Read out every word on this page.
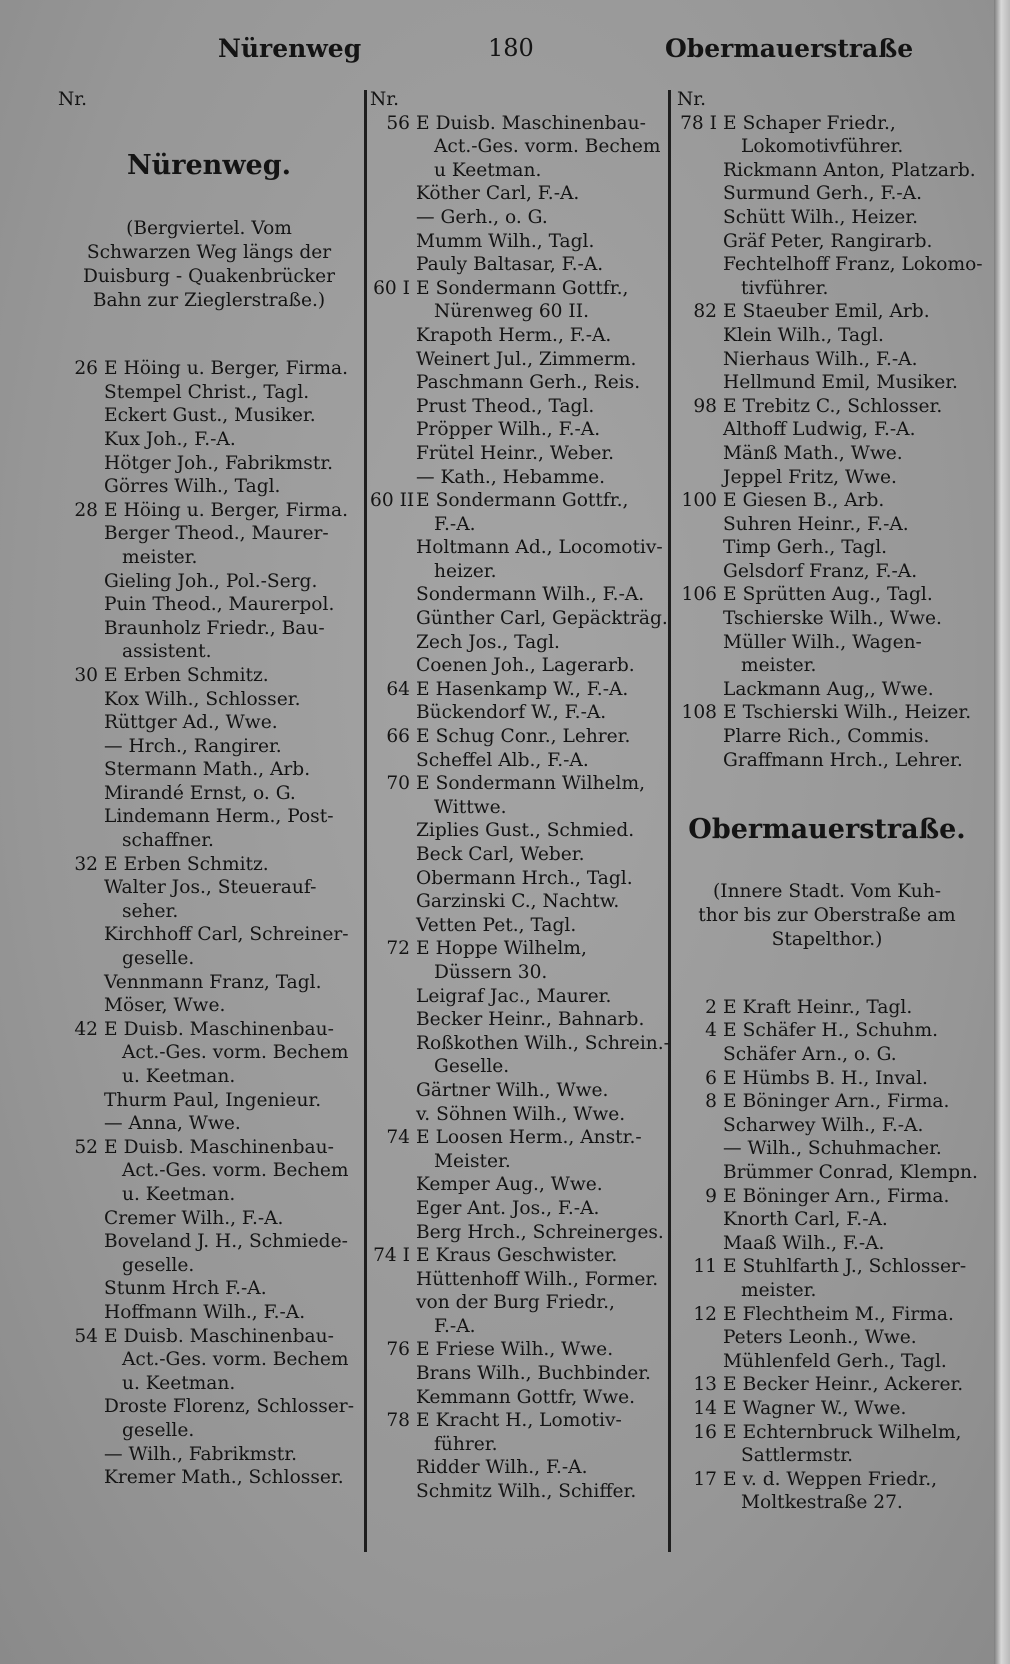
Nürenweg	180	Obermauerstraße
Nr.
Nürenweg.
(Bergviertel. Vom
Schwarzen Weg längs der
Duisburg - Quakenbrücker
Bahn zur Zieglerstraße.)
26 E Höing u. Berger, Firma.
Stempel Christ., Tagl.
Eckert Gust., Musiker.
Kux Joh., F.-A.
Hötger Joh., Fabrikmstr.
Görres Wilh., Tagl.
28 E Höing u. Berger, Firma.
Berger Theod., Maurer-
meister.
Gieling Joh., Pol.-Serg.
Puin Theod., Maurerpol.
Braunholz Friedr., Bau-
assistent.
30 E Erben Schmitz.
Kox Wilh., Schlosser.
Rüttger Ad., Wwe.
— Hrch., Rangirer.
Stermann Math., Arb.
Mirandé Ernst, o. G.
Lindemann Herm., Post-
schaffner.
32 E Erben Schmitz.
Walter Jos., Steuerauf-
seher.
Kirchhoff Carl, Schreiner-
geselle.
Vennmann Franz, Tagl.
Möser, Wwe.
42 E Duisb. Maschinenbau-
Act.-Ges. vorm. Bechem
u. Keetman.
Thurm Paul, Ingenieur.
— Anna, Wwe.
52 E Duisb. Maschinenbau-
Act.-Ges. vorm. Bechem
u. Keetman.
Cremer Wilh., F.-A.
Boveland J. H., Schmiede-
geselle.
Stunm Hrch F.-A.
Hoffmann Wilh., F.-A.
54 E Duisb. Maschinenbau-
Act.-Ges. vorm. Bechem
u. Keetman.
Droste Florenz, Schlosser-
geselle.
— Wilh., Fabrikmstr.
Kremer Math., Schlosser.
Nr.
56 E Duisb. Maschinenbau-
Act.-Ges. vorm. Bechem
u Keetman.
Köther Carl, F.-A.
— Gerh., o. G.
Mumm Wilh., Tagl.
Pauly Baltasar, F.-A.
60 I E Sondermann Gottfr.,
Nürenweg 60 II.
Krapoth Herm., F.-A.
Weinert Jul., Zimmerm.
Paschmann Gerh., Reis.
Prust Theod., Tagl.
Pröpper Wilh., F.-A.
Frütel Heinr., Weber.
— Kath., Hebamme.
60 II E Sondermann Gottfr.,
F.-A.
Holtmann Ad., Locomotiv-
heizer.
Sondermann Wilh., F.-A.
Günther Carl, Gepäckträg.
Zech Jos., Tagl.
Coenen Joh., Lagerarb.
64 E Hasenkamp W., F.-A.
Bückendorf W., F.-A.
66 E Schug Conr., Lehrer.
Scheffel Alb., F.-A.
70 E Sondermann Wilhelm,
Wittwe.
Ziplies Gust., Schmied.
Beck Carl, Weber.
Obermann Hrch., Tagl.
Garzinski C., Nachtw.
Vetten Pet., Tagl.
72 E Hoppe Wilhelm,
Düssern 30.
Leigraf Jac., Maurer.
Becker Heinr., Bahnarb.
Roßkothen Wilh., Schrein.-
Geselle.
Gärtner Wilh., Wwe.
v. Söhnen Wilh., Wwe.
74 E Loosen Herm., Anstr.-
Meister.
Kemper Aug., Wwe.
Eger Ant. Jos., F.-A.
Berg Hrch., Schreinerges.
74 I E Kraus Geschwister.
Hüttenhoff Wilh., Former.
von der Burg Friedr.,
F.-A.
76 E Friese Wilh., Wwe.
Brans Wilh., Buchbinder.
Kemmann Gottfr, Wwe.
78 E Kracht H., Lomotiv-
führer.
Ridder Wilh., F.-A.
Schmitz Wilh., Schiffer.
Nr.
78 I E Schaper Friedr.,
Lokomotivführer.
Rickmann Anton, Platzarb.
Surmund Gerh., F.-A.
Schütt Wilh., Heizer.
Gräf Peter, Rangirarb.
Fechtelhoff Franz, Lokomo-
tivführer.
82 E Staeuber Emil, Arb.
Klein Wilh., Tagl.
Nierhaus Wilh., F.-A.
Hellmund Emil, Musiker.
98 E Trebitz C., Schlosser.
Althoff Ludwig, F.-A.
Mänß Math., Wwe.
Jeppel Fritz, Wwe.
100 E Giesen B., Arb.
Suhren Heinr., F.-A.
Timp Gerh., Tagl.
Gelsdorf Franz, F.-A.
106 E Sprütten Aug., Tagl.
Tschierske Wilh., Wwe.
Müller Wilh., Wagen-
meister.
Lackmann Aug,, Wwe.
108 E Tschierski Wilh., Heizer.
Plarre Rich., Commis.
Graffmann Hrch., Lehrer.
Obermauerstraße.
(Innere Stadt. Vom Kuh-
thor bis zur Oberstraße am
Stapelthor.)
2 E Kraft Heinr., Tagl.
4 E Schäfer H., Schuhm.
Schäfer Arn., o. G.
6 E Hümbs B. H., Inval.
8 E Böninger Arn., Firma.
Scharwey Wilh., F.-A.
— Wilh., Schuhmacher.
Brümmer Conrad, Klempn.
9 E Böninger Arn., Firma.
Knorth Carl, F.-A.
Maaß Wilh., F.-A.
11 E Stuhlfarth J., Schlosser-
meister.
12 E Flechtheim M., Firma.
Peters Leonh., Wwe.
Mühlenfeld Gerh., Tagl.
13 E Becker Heinr., Ackerer.
14 E Wagner W., Wwe.
16 E Echternbruck Wilhelm,
Sattlermstr.
17 E v. d. Weppen Friedr.,
Moltkestraße 27.
